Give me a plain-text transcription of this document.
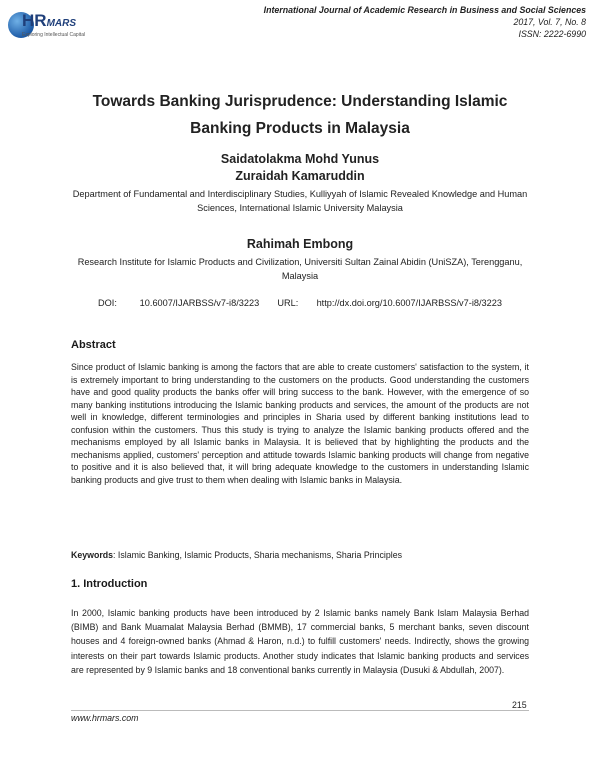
HRMARS
Exploring Intellectual Capital
International Journal of Academic Research in Business and Social Sciences
2017, Vol. 7, No. 8
ISSN: 2222-6990
Towards Banking Jurisprudence: Understanding Islamic Banking Products in Malaysia
Saidatolakma Mohd Yunus
Zuraidah Kamaruddin
Department of Fundamental and Interdisciplinary Studies, Kulliyyah of Islamic Revealed Knowledge and Human Sciences, International Islamic University Malaysia
Rahimah Embong
Research Institute for Islamic Products and Civilization, Universiti Sultan Zainal Abidin (UniSZA), Terengganu, Malaysia
DOI: 10.6007/IJARBSS/v7-i8/3223 URL: http://dx.doi.org/10.6007/IJARBSS/v7-i8/3223
Abstract
Since product of Islamic banking is among the factors that are able to create customers' satisfaction to the system, it is extremely important to bring understanding to the customers on the products. Good understanding the customers have and good quality products the banks offer will bring success to the bank. However, with the emergence of so many banking institutions introducing the Islamic banking products and services, the amount of the products are not well in knowledge, different terminologies and principles in Sharia used by different banking institutions lead to confusion within the customers. Thus this study is trying to analyze the Islamic banking products offered and the mechanisms employed by all Islamic banks in Malaysia. It is believed that by highlighting the products and the mechanisms applied, customers' perception and attitude towards Islamic banking products will change from negative to positive and it is also believed that, it will bring adequate knowledge to the customers in understanding Islamic banking products and give trust to them when dealing with Islamic banks in Malaysia.
Keywords: Islamic Banking, Islamic Products, Sharia mechanisms, Sharia Principles
1. Introduction
In 2000, Islamic banking products have been introduced by 2 Islamic banks namely Bank Islam Malaysia Berhad (BIMB) and Bank Muamalat Malaysia Berhad (BMMB), 17 commercial banks, 5 merchant banks, seven discount houses and 4 foreign-owned banks (Ahmad & Haron, n.d.) to fulfill customers' needs. Indirectly, shows the growing interests on their part towards Islamic products. Another study indicates that Islamic banking products and services are represented by 9 Islamic banks and 18 conventional banks currently in Malaysia (Dusuki & Abdullah, 2007).
215
www.hrmars.com
